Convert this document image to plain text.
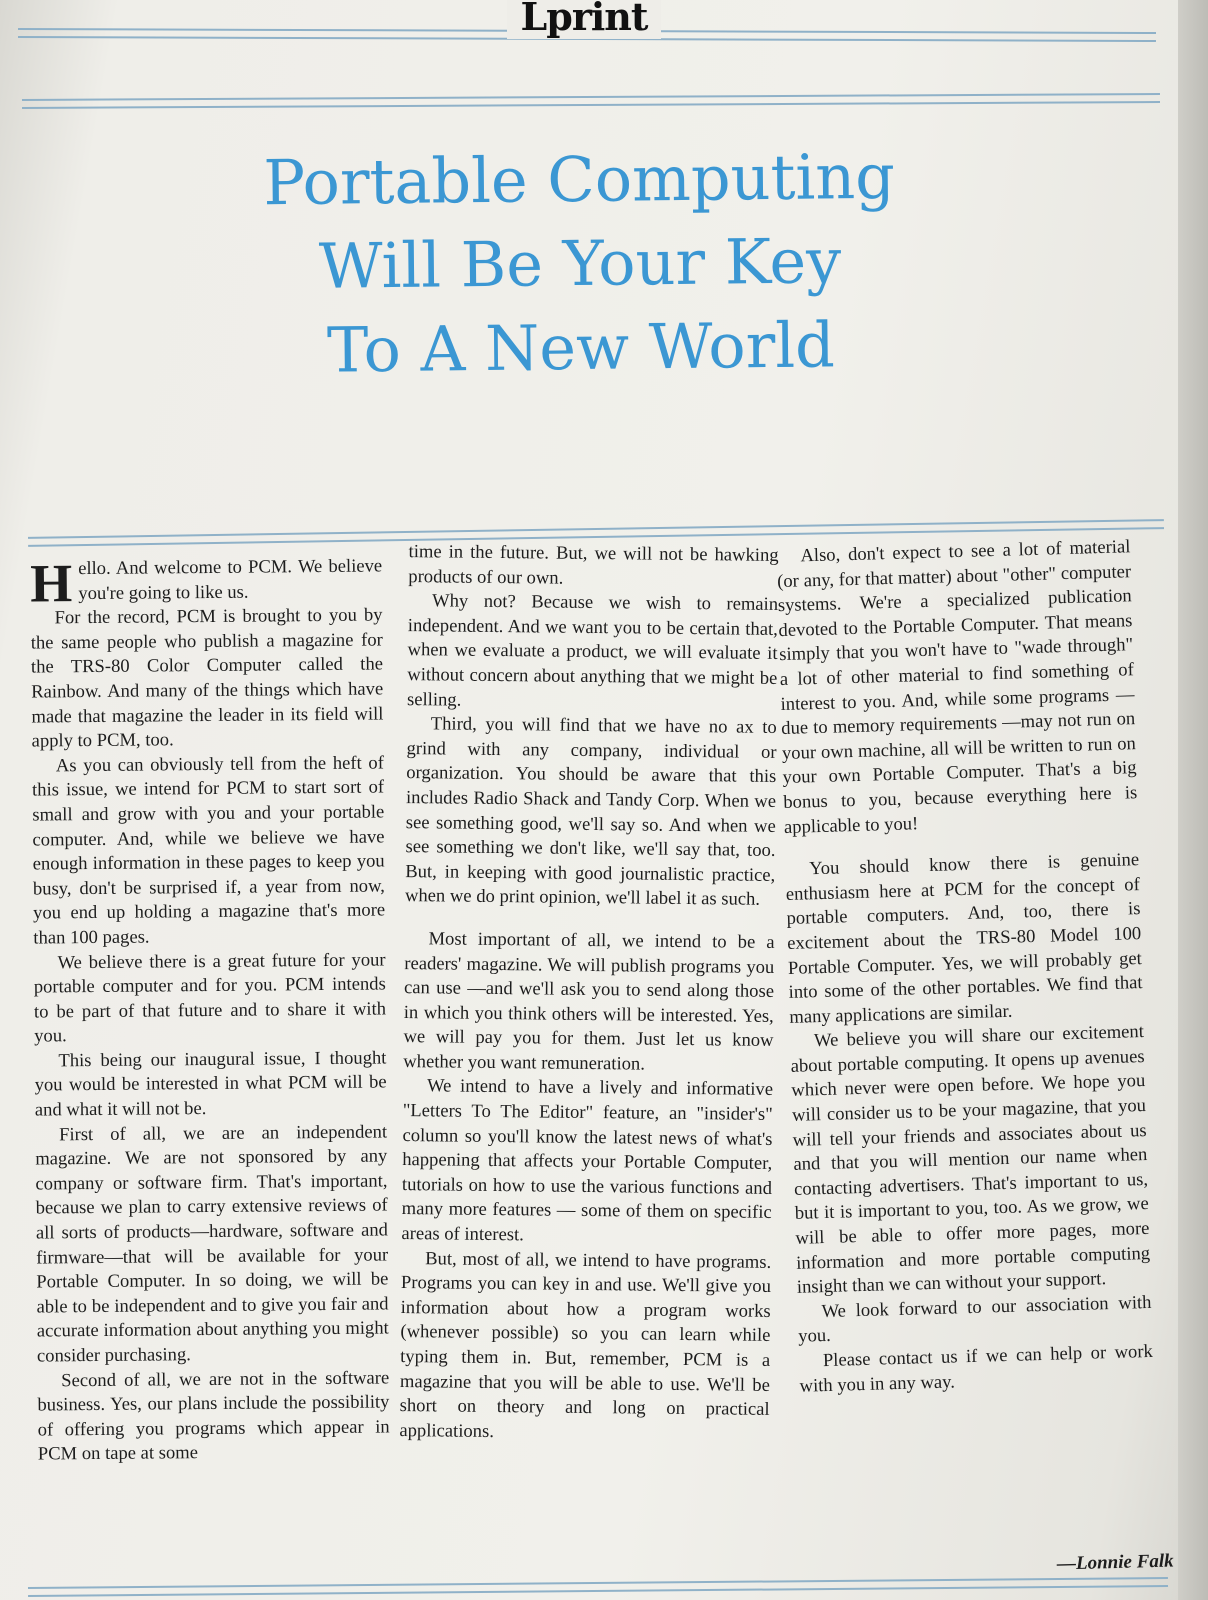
Lprint
Portable Computing
Will Be Your Key
To A New World

Hello. And welcome to PCM. We believe you're going to like us.

For the record, PCM is brought to you by the same people who publish a magazine for the TRS-80 Color Computer called the Rainbow. And many of the things which have made that magazine the leader in its field will apply to PCM, too.

As you can obviously tell from the heft of this issue, we intend for PCM to start sort of small and grow with you and your portable computer. And, while we believe we have enough information in these pages to keep you busy, don't be surprised if, a year from now, you end up holding a magazine that's more than 100 pages.

We believe there is a great future for your portable computer and for you. PCM intends to be part of that future and to share it with you.

This being our inaugural issue, I thought you would be interested in what PCM will be and what it will not be.

First of all, we are an independent magazine. We are not sponsored by any company or software firm. That's important, because we plan to carry extensive reviews of all sorts of products—hardware, software and firmware—that will be available for your Portable Computer. In so doing, we will be able to be independent and to give you fair and accurate information about anything you might consider purchasing.

Second of all, we are not in the software business. Yes, our plans include the possibility of offering you programs which appear in PCM on tape at some

time in the future. But, we will not be hawking products of our own.

Why not? Because we wish to remain independent. And we want you to be certain that, when we evaluate a product, we will evaluate it without concern about anything that we might be selling.

Third, you will find that we have no ax to grind with any company, individual or organization. You should be aware that this includes Radio Shack and Tandy Corp. When we see something good, we'll say so. And when we see something we don't like, we'll say that, too. But, in keeping with good journalistic practice, when we do print opinion, we'll label it as such.

Most important of all, we intend to be a readers' magazine. We will publish programs you can use —and we'll ask you to send along those in which you think others will be interested. Yes, we will pay you for them. Just let us know whether you want remuneration.

We intend to have a lively and informative "Letters To The Editor" feature, an "insider's" column so you'll know the latest news of what's happening that affects your Portable Computer, tutorials on how to use the various functions and many more features — some of them on specific areas of interest.

But, most of all, we intend to have programs. Programs you can key in and use. We'll give you information about how a program works (whenever possible) so you can learn while typing them in. But, remember, PCM is a magazine that you will be able to use. We'll be short on theory and long on practical applications.

Also, don't expect to see a lot of material (or any, for that matter) about "other" computer systems. We're a specialized publication devoted to the Portable Computer. That means simply that you won't have to "wade through" a lot of other material to find something of interest to you. And, while some programs — due to memory requirements —may not run on your own machine, all will be written to run on your own Portable Computer. That's a big bonus to you, because everything here is applicable to you!

You should know there is genuine enthusiasm here at PCM for the concept of portable computers. And, too, there is excitement about the TRS-80 Model 100 Portable Computer. Yes, we will probably get into some of the other portables. We find that many applications are similar.

We believe you will share our excitement about portable computing. It opens up avenues which never were open before. We hope you will consider us to be your magazine, that you will tell your friends and associates about us and that you will mention our name when contacting advertisers. That's important to us, but it is important to you, too. As we grow, we will be able to offer more pages, more information and more portable computing insight than we can without your support.

We look forward to our association with you.

Please contact us if we can help or work with you in any way.

—Lonnie Falk
